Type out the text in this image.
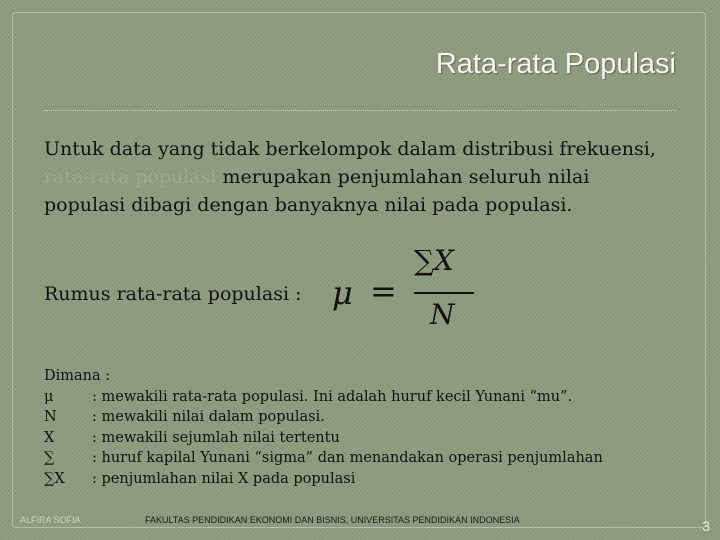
Rata-rata Populasi
Untuk data yang tidak berkelompok dalam distribusi frekuensi, rata-rata populasi merupakan penjumlahan seluruh nilai populasi dibagi dengan banyaknya nilai pada populasi.
Rumus rata-rata populasi : μ =
∑X
N
Dimana :
μ	: mewakili rata-rata populasi. Ini adalah huruf kecil Yunani “mu”.
N	: mewakili nilai dalam populasi.
X	: mewakili sejumlah nilai tertentu
∑	: huruf kapilal Yunani “sigma” dan menandakan operasi penjumlahan
∑X	: penjumlahan nilai X pada populasi
ALFIRA SOFIA	FAKULTAS PENDIDIKAN EKONOMI DAN BISNIS, UNIVERSITAS PENDIDIKAN INDONESIA	3
